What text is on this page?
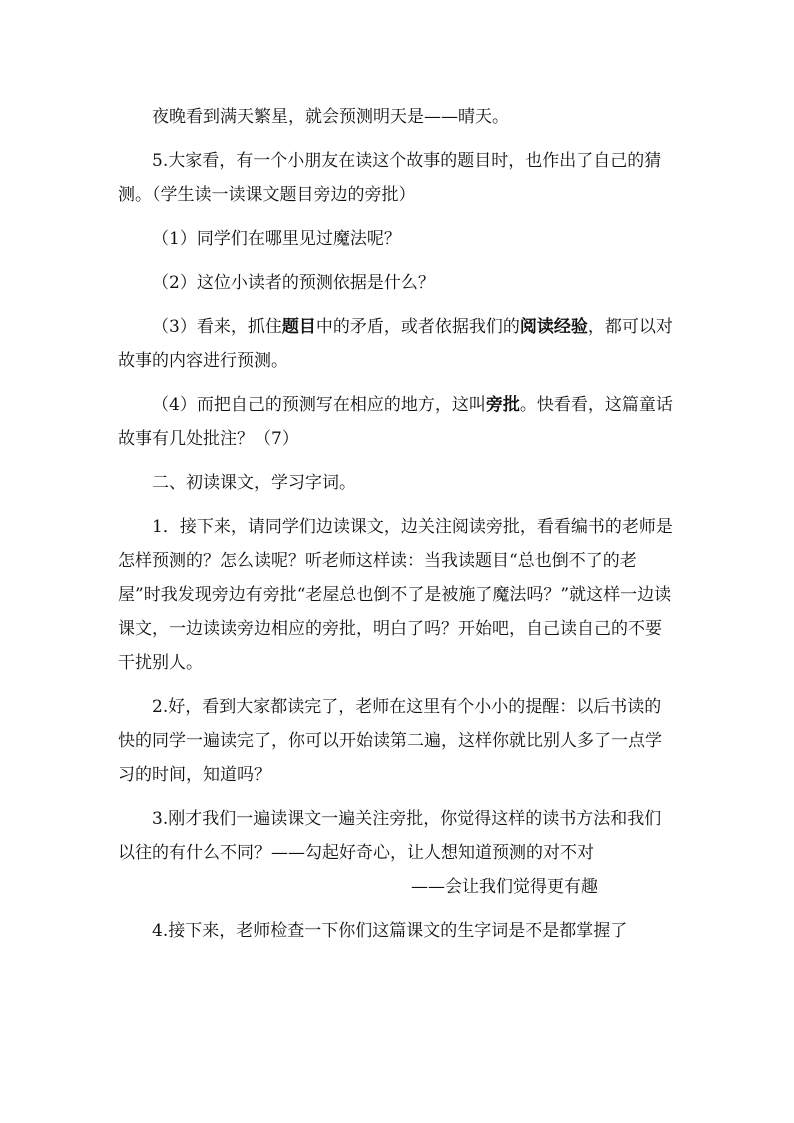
夜晚看到满天繁星，就会预测明天是——晴天。

5.大家看，有一个小朋友在读这个故事的题目时，也作出了自己的猜测。（学生读一读课文题目旁边的旁批）

（1）同学们在哪里见过魔法呢？

（2）这位小读者的预测依据是什么？

（3）看来，抓住题目中的矛盾，或者依据我们的阅读经验，都可以对故事的内容进行预测。

（4）而把自己的预测写在相应的地方，这叫旁批。快看看，这篇童话故事有几处批注？（7）

二、初读课文，学习字词。

1．接下来，请同学们边读课文，边关注阅读旁批，看看编书的老师是怎样预测的？怎么读呢？听老师这样读：当我读题目“总也倒不了的老屋”时我发现旁边有旁批“老屋总也倒不了是被施了魔法吗？”就这样一边读课文，一边读读旁边相应的旁批，明白了吗？开始吧，自己读自己的不要干扰别人。

2.好，看到大家都读完了，老师在这里有个小小的提醒：以后书读的快的同学一遍读完了，你可以开始读第二遍，这样你就比别人多了一点学习的时间，知道吗？

3.刚才我们一遍读课文一遍关注旁批，你觉得这样的读书方法和我们以往的有什么不同？——勾起好奇心，让人想知道预测的对不对

——会让我们觉得更有趣

4.接下来，老师检查一下你们这篇课文的生字词是不是都掌握了
